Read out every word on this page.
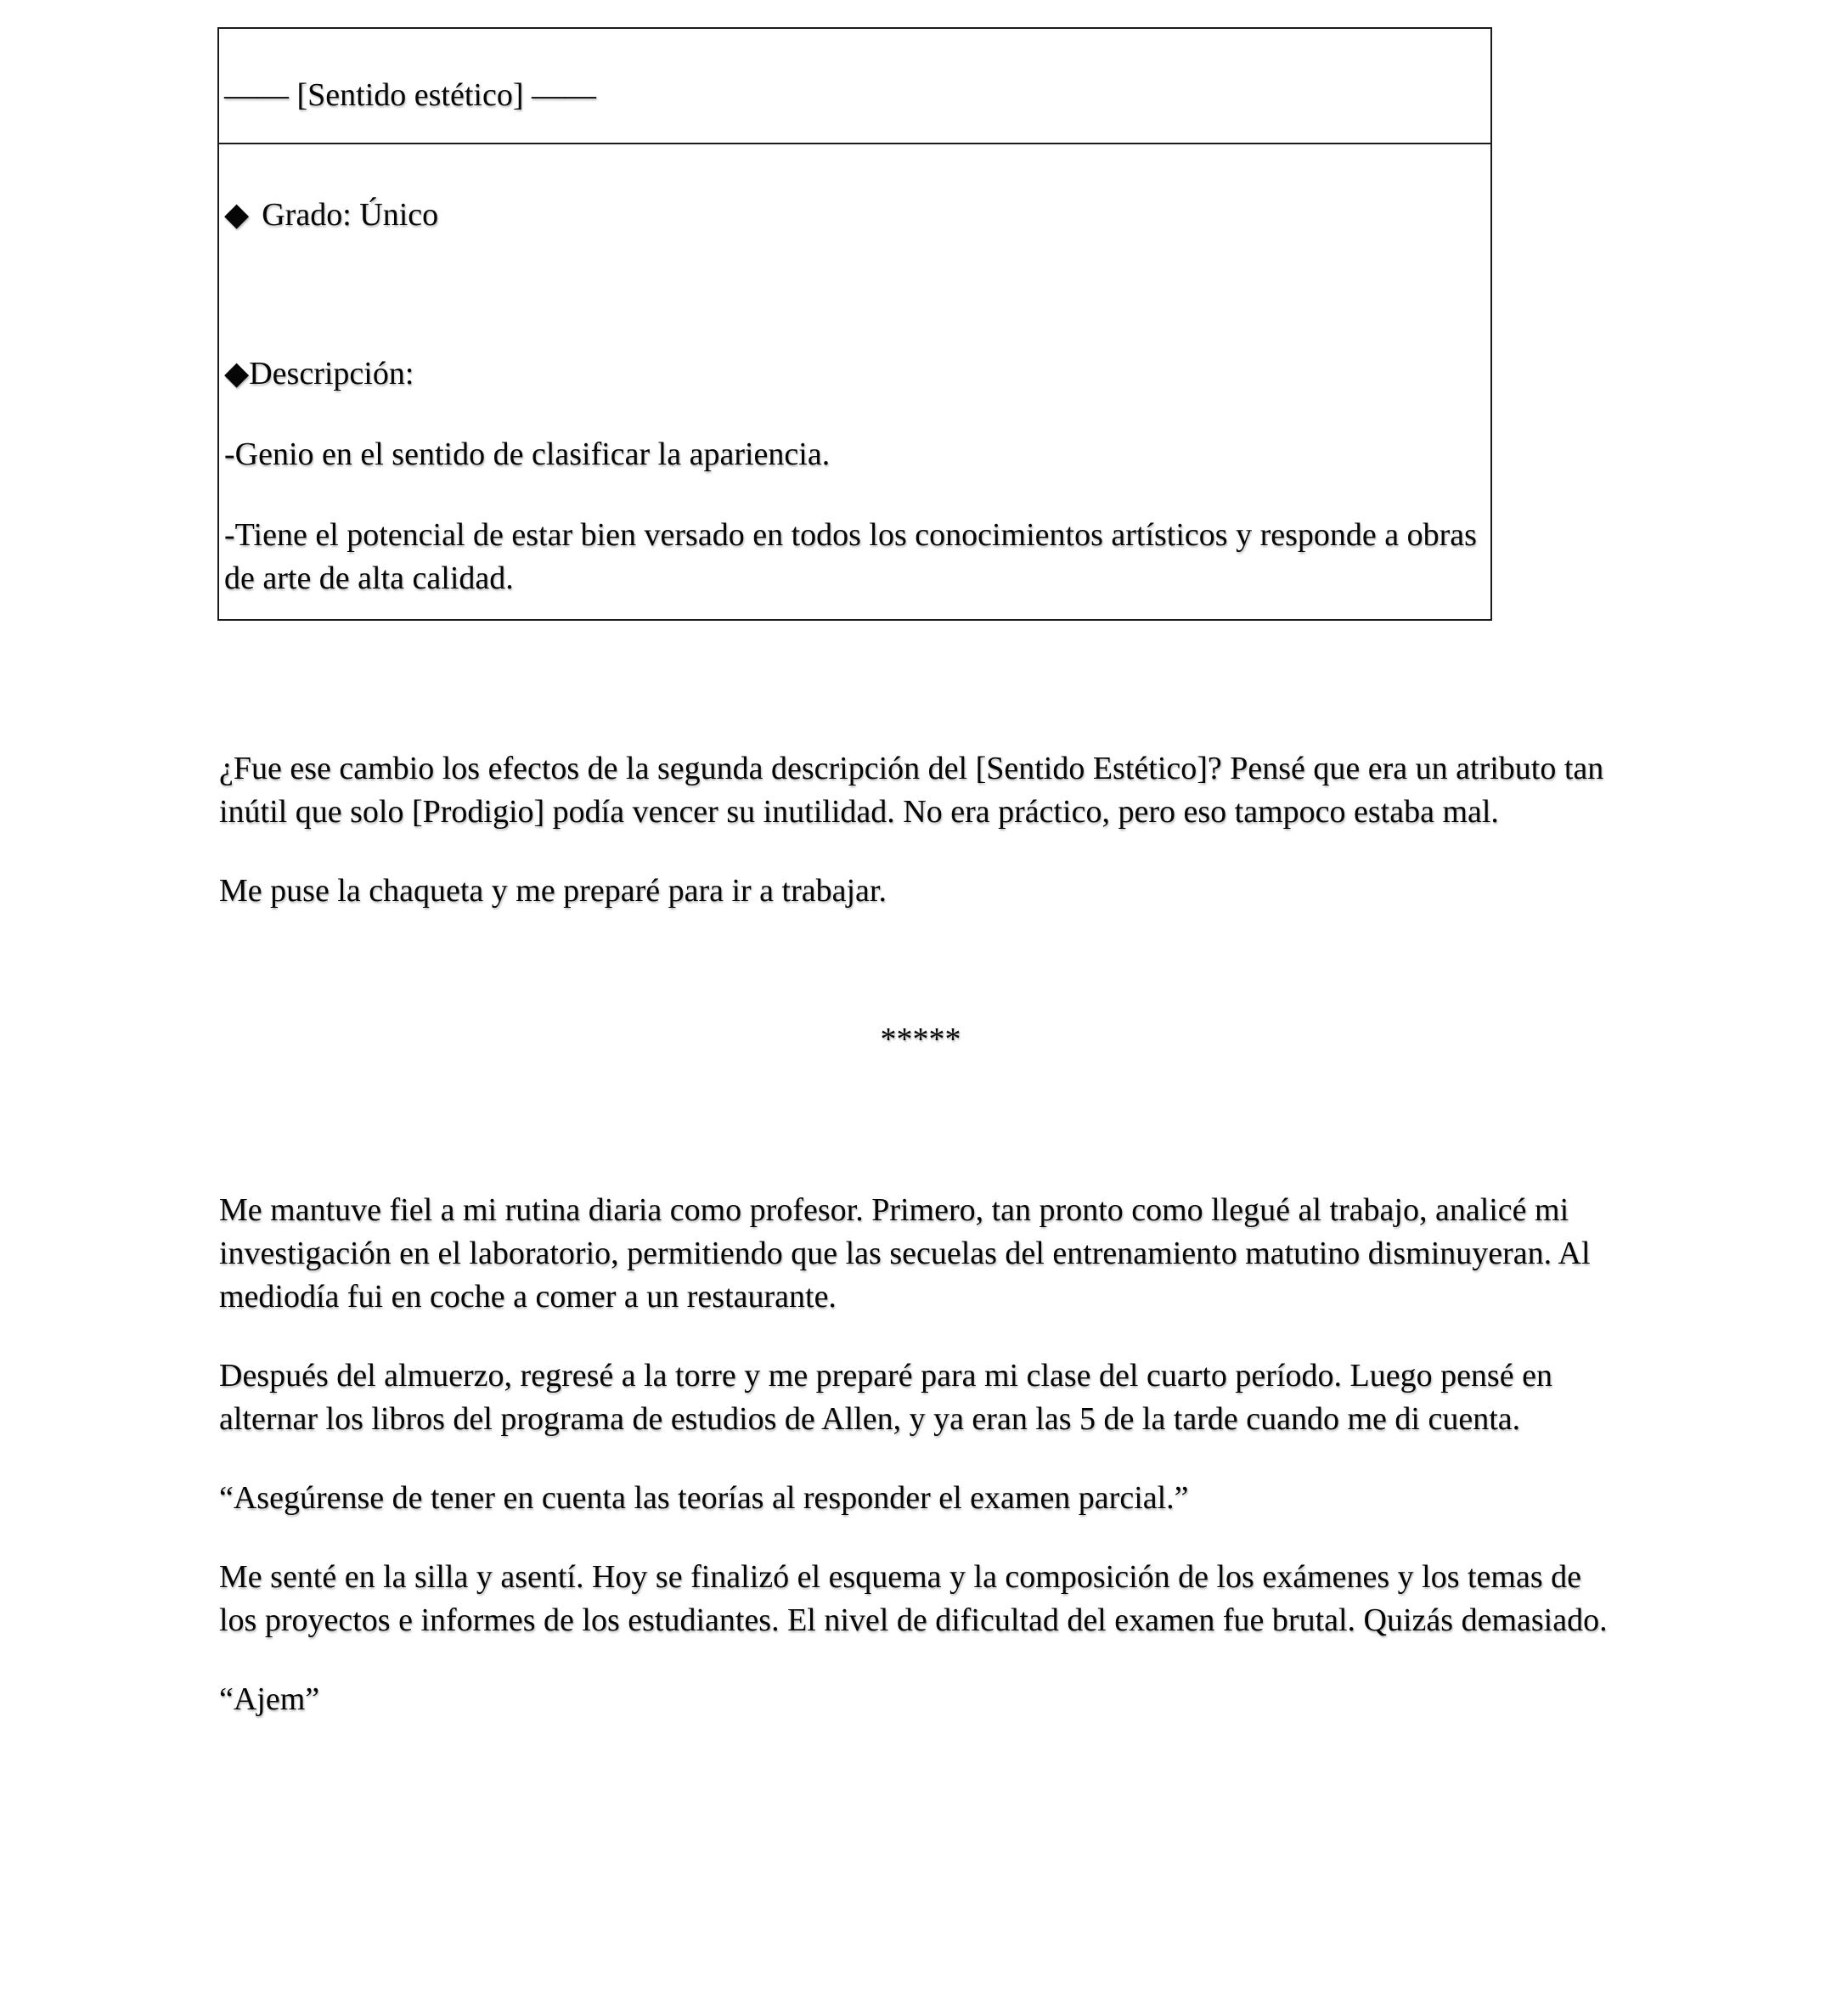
—— [Sentido estético] ——
◆ Grado: Único
◆Descripción:
-Genio en el sentido de clasificar la apariencia.
-Tiene el potencial de estar bien versado en todos los conocimientos artísticos y responde a obras de arte de alta calidad.

¿Fue ese cambio los efectos de la segunda descripción del [Sentido Estético]? Pensé que era un atributo tan inútil que solo [Prodigio] podía vencer su inutilidad. No era práctico, pero eso tampoco estaba mal.

Me puse la chaqueta y me preparé para ir a trabajar.

*****

Me mantuve fiel a mi rutina diaria como profesor. Primero, tan pronto como llegué al trabajo, analicé mi investigación en el laboratorio, permitiendo que las secuelas del entrenamiento matutino disminuyeran. Al mediodía fui en coche a comer a un restaurante.

Después del almuerzo, regresé a la torre y me preparé para mi clase del cuarto período. Luego pensé en alternar los libros del programa de estudios de Allen, y ya eran las 5 de la tarde cuando me di cuenta.

“Asegúrense de tener en cuenta las teorías al responder el examen parcial.”

Me senté en la silla y asentí. Hoy se finalizó el esquema y la composición de los exámenes y los temas de los proyectos e informes de los estudiantes. El nivel de dificultad del examen fue brutal. Quizás demasiado.

“Ajem”
